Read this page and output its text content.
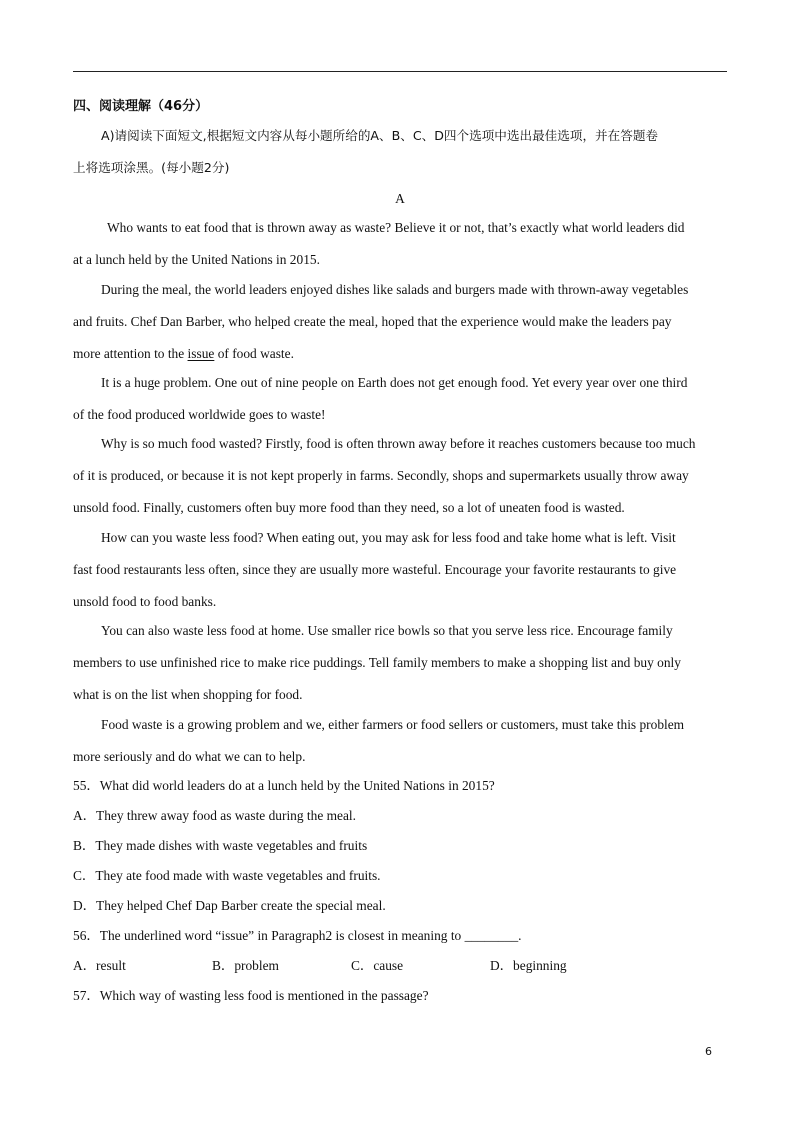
四、阅读理解（46分）
A)请阅读下面短文,根据短文内容从每小题所给的A、B、C、D四个选项中选出最佳选项，并在答题卷
上将选项涂黑。(每小题2分)
A
Who wants to eat food that is thrown away as waste? Believe it or not, that’s exactly what world leaders did
at a lunch held by the United Nations in 2015.
During the meal, the world leaders enjoyed dishes like salads and burgers made with thrown-away vegetables
and fruits. Chef Dan Barber, who helped create the meal, hoped that the experience would make the leaders pay
more attention to the issue of food waste.
It is a huge problem. One out of nine people on Earth does not get enough food. Yet every year over one third
of the food produced worldwide goes to waste!
Why is so much food wasted? Firstly, food is often thrown away before it reaches customers because too much
of it is produced, or because it is not kept properly in farms. Secondly, shops and supermarkets usually throw away
unsold food. Finally, customers often buy more food than they need, so a lot of uneaten food is wasted.
How can you waste less food? When eating out, you may ask for less food and take home what is left. Visit
fast food restaurants less often, since they are usually more wasteful. Encourage your favorite restaurants to give
unsold food to food banks.
You can also waste less food at home. Use smaller rice bowls so that you serve less rice. Encourage family
members to use unfinished rice to make rice puddings. Tell family members to make a shopping list and buy only
what is on the list when shopping for food.
Food waste is a growing problem and we, either farmers or food sellers or customers, must take this problem
more seriously and do what we can to help.
55．What did world leaders do at a lunch held by the United Nations in 2015?
A．They threw away food as waste during the meal.
B．They made dishes with waste vegetables and fruits
C．They ate food made with waste vegetables and fruits.
D．They helped Chef Dap Barber create the special meal.
56．The underlined word “issue” in Paragraph2 is closest in meaning to ________.
A．result	B．problem	C．cause	D．beginning
57．Which way of wasting less food is mentioned in the passage?
6
